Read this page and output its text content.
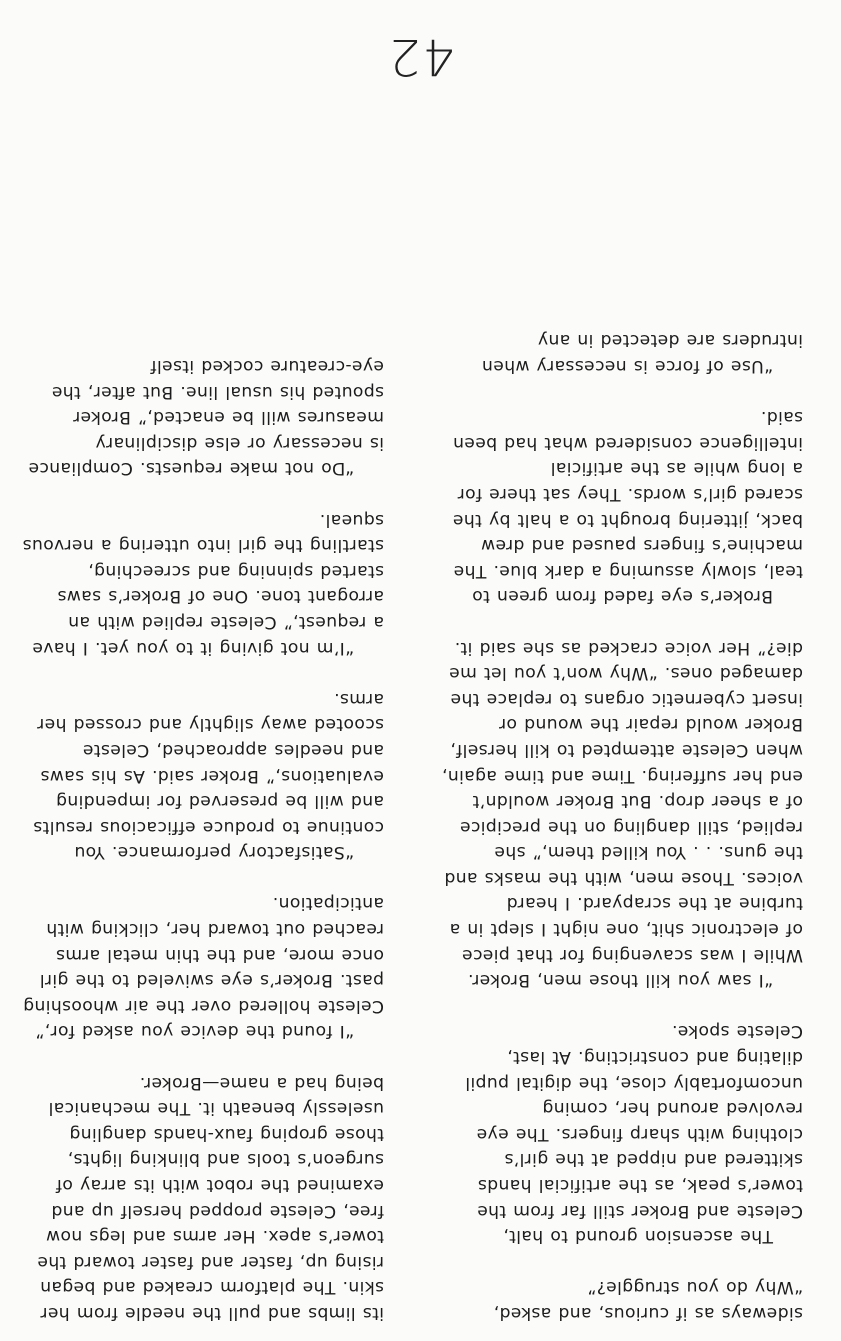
sideways as if curious, and asked, “Why do you struggle?”

The ascension ground to halt, Celeste and Broker still far from the tower’s peak, as the artificial hands skittered and nipped at the girl’s clothing with sharp fingers. The eye revolved around her, coming uncomfortably close, the digital pupil dilating and constricting. At last, Celeste spoke.

“I saw you kill those men, Broker. While I was scavenging for that piece of electronic shit, one night I slept in a turbine at the scrapyard. I heard voices. Those men, with the masks and the guns. . . You killed them,” she replied, still dangling on the precipice of a sheer drop. But Broker wouldn’t end her suffering. Time and time again, when Celeste attempted to kill herself, Broker would repair the wound or insert cybernetic organs to replace the damaged ones. “Why won’t you let me die?” Her voice cracked as she said it.

Broker’s eye faded from green to teal, slowly assuming a dark blue. The machine’s fingers paused and drew back, jittering brought to a halt by the scared girl’s words. They sat there for a long while as the artificial intelligence considered what had been said.

“Use of force is necessary when intruders are detected in any

its limbs and pull the needle from her skin. The platform creaked and began rising up, faster and faster toward the tower’s apex. Her arms and legs now free, Celeste propped herself up and examined the robot with its array of surgeon’s tools and blinking lights, those groping faux-hands dangling uselessly beneath it. The mechanical being had a name—Broker.

“I found the device you asked for,” Celeste hollered over the air whooshing past. Broker’s eye swiveled to the girl once more, and the thin metal arms reached out toward her, clicking with anticipation.

“Satisfactory performance. You continue to produce efficacious results and will be preserved for impending evaluations,” Broker said. As his saws and needles approached, Celeste scooted away slightly and crossed her arms.

“I’m not giving it to you yet. I have a request,” Celeste replied with an arrogant tone. One of Broker’s saws started spinning and screeching, startling the girl into uttering a nervous squeal.

“Do not make requests. Compliance is necessary or else disciplinary measures will be enacted,” Broker spouted his usual line. But after, the eye-creature cocked itself

42
